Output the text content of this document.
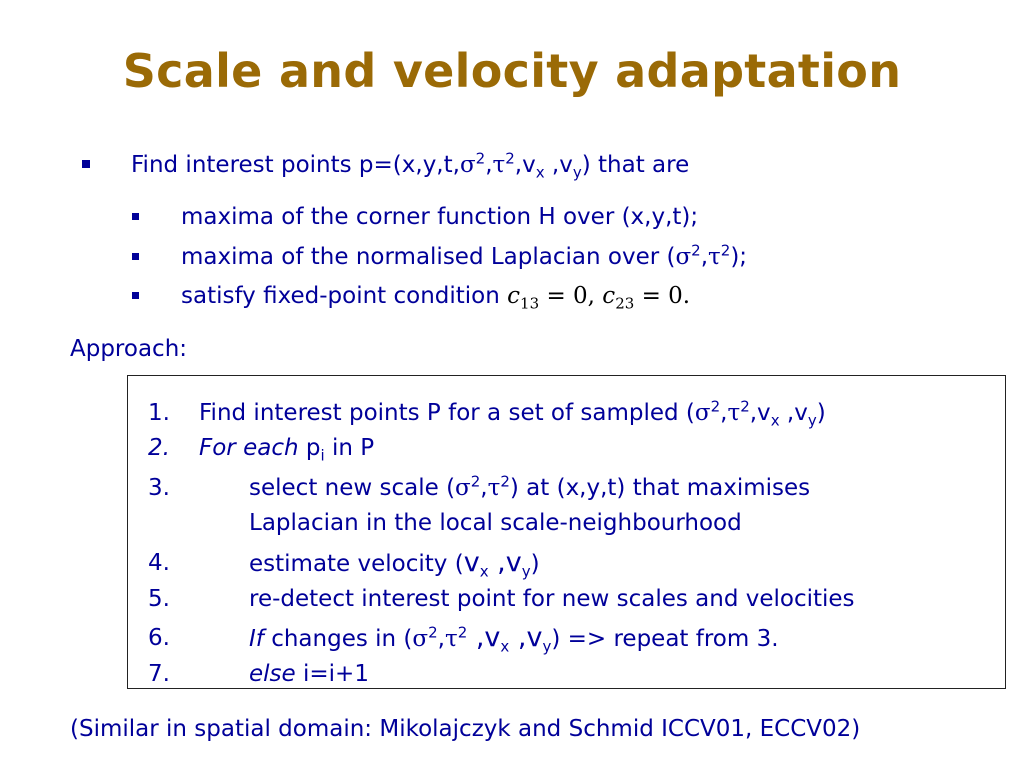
Scale and velocity adaptation
Find interest points $p=(x,y,t,\sigma^2,\tau^2,v_x$ $,v_y$) that are
maxima of the corner function H over (x,y,t);
maxima of the normalised Laplacian over $(\sigma^2,\tau^2)$;
satisfy fixed-point condition $c_{13} = 0$, $c_{23} = 0$.
Approach:
1. Find interest points P for a set of sampled ($\sigma^2,\tau^2,v_x$ $,v_y$)
2. For each $p_i$ in P
3.	select new scale $(\sigma^2,\tau^2)$ at (x,y,t) that maximises
Laplacian in the local scale-neighbourhood
4.	estimate velocity ($v_x$ $,v_y$)
5.	re-detect interest point for new scales and velocities
6.	If changes in ($\sigma^2,\tau^2$ $,v_x$ $,v_y$) => repeat from 3.
7.	else i=i+1
(Similar in spatial domain: Mikolajczyk and Schmid ICCV01, ECCV02)
